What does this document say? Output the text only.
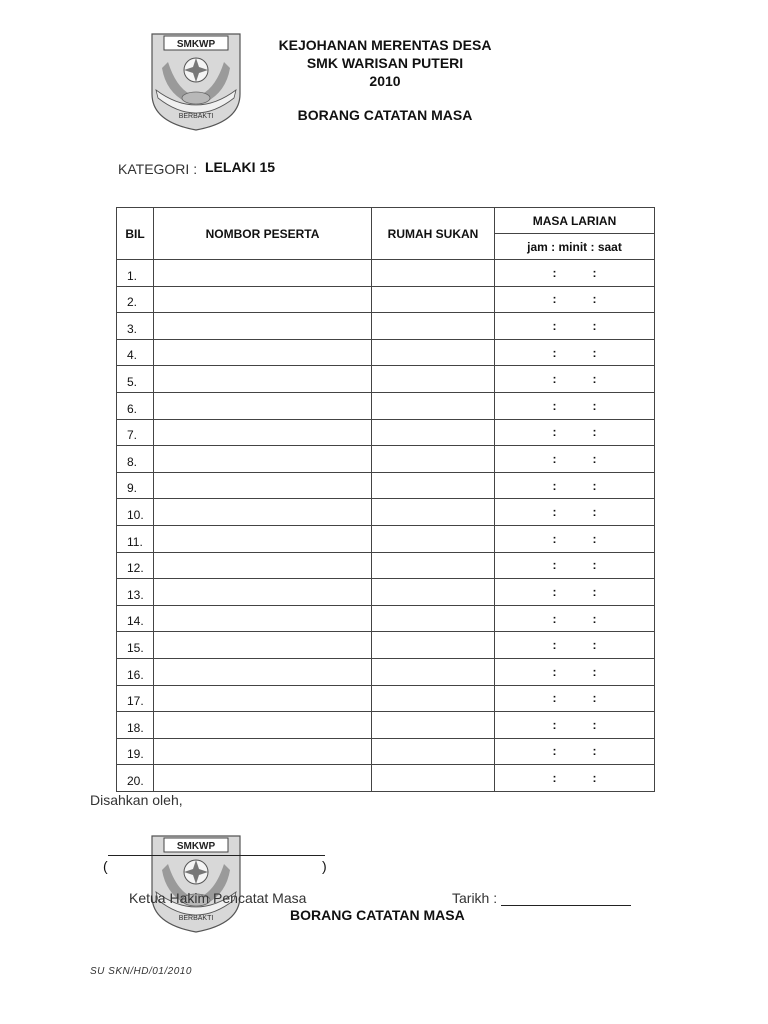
SMKWP
BERBAKTI
KEJOHANAN MERENTAS DESA
SMK WARISAN PUTERI
2010
BORANG CATATAN MASA
KATEGORI : LELAKI 15
BIL	NOMBOR PESERTA	RUMAH SUKAN	MASA LARIAN
			jam : minit : saat
1.			: :
2.			: :
3.			: :
4.			: :
5.			: :
6.			: :
7.			: :
8.			: :
9.			: :
10.			: :
11.			: :
12.			: :
13.			: :
14.			: :
15.			: :
16.			: :
17.			: :
18.			: :
19.			: :
20.			: :
Disahkan oleh,
SMKWP
BERBAKTI
(	)
Ketua Hakim Pencatat Masa	Tarikh :
BORANG CATATAN MASA
SU SKN/HD/01/2010
